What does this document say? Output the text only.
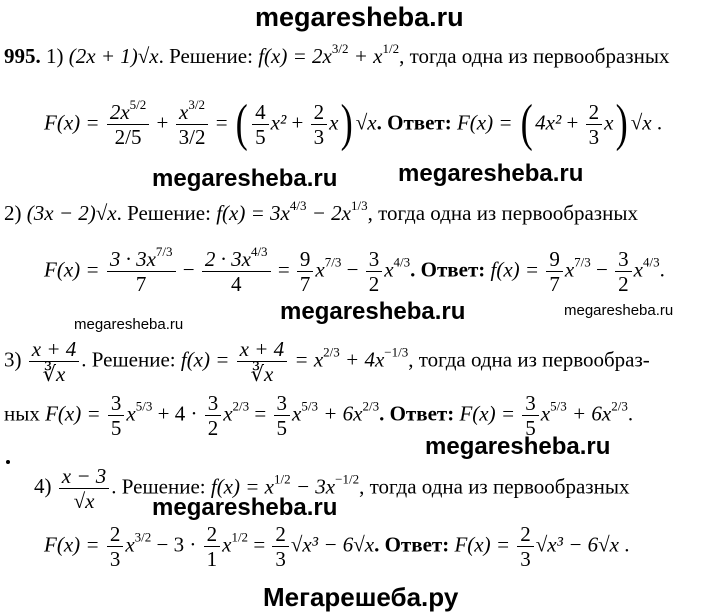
megaresheba.ru
megaresheba.ru	megaresheba.ru
megaresheba.ru
megaresheba.ru
megaresheba.ru
megaresheba.ru
megaresheba.ru
Мегарешеба.ру
995. 1) (2x + 1)√x. Решение: $f(x) = 2x^{3/2} + x^{1/2}$, тогда одна из первообразных
$F(x) = \frac{2x^{5/2}}{2/5} + \frac{x^{3/2}}{3/2}$ = ( $\frac{4}{5} x^2 + \frac{2}{3} x$) √x. Ответ: F(x) = ( $4x^2 + \frac{2}{3} x$) √x .
2) (3x − 2)√x. Решение: $f(x) = 3x^{4/3} - 2x^{1/3}$, тогда одна из первообразных
$F(x) = \frac{3 \cdot 3x^{7/3}}{7} - \frac{2 \cdot 3x^{4/3}}{4} = \frac{9}{7} x^{7/3} - \frac{3}{2} x^{4/3}$. Ответ: $f(x) = \frac{9}{7} x^{7/3} - \frac{3}{2} x^{4/3}$.
$3) \frac{x + 4}{∛x}$ . Решение: $f(x) = \frac{x + 4}{∛x} = x^{2/3} + 4x^{-1/3}$, тогда одна из первообраз-
ных $F(x) = \frac{3}{5} x^{5/3} + 4 \cdot \frac{3}{2} x^{2/3} = \frac{3}{5} x^{5/3} + 6x^{2/3}$. Ответ: $F(x) = \frac{3}{5} x^{5/3} + 6x^{2/3}$.
$4) \frac{x - 3}{√x}$ . Решение: $f(x) = x^{1/2} - 3x^{-1/2}$, тогда одна из первообразных
$F(x) = \frac{2}{3} x^{3/2} - 3 \cdot \frac{2}{1} x^{1/2} = \frac{2}{3} √x^3 - 6√x$. Ответ: $F(x) = \frac{2}{3} √x^3 - 6√x$ .
